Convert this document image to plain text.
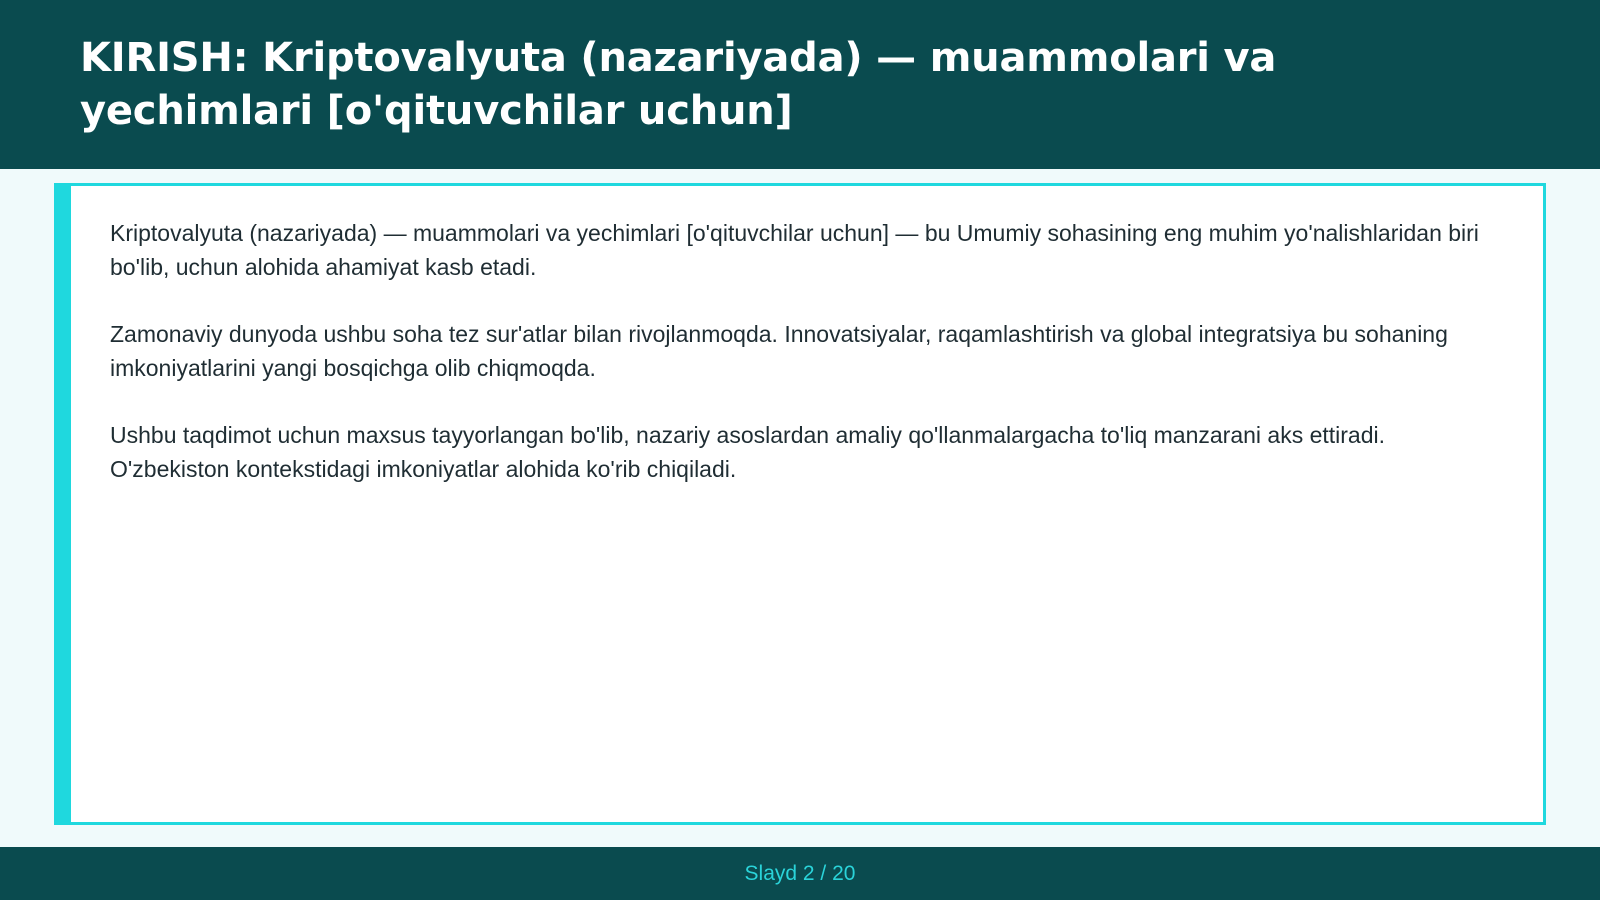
KIRISH: Kriptovalyuta (nazariyada) — muammolari va yechimlari [o'qituvchilar uchun]

Kriptovalyuta (nazariyada) — muammolari va yechimlari [o'qituvchilar uchun] — bu Umumiy sohasining eng muhim yo'nalishlaridan biri bo'lib, uchun alohida ahamiyat kasb etadi.

Zamonaviy dunyoda ushbu soha tez sur'atlar bilan rivojlanmoqda. Innovatsiyalar, raqamlashtirish va global integratsiya bu sohaning imkoniyatlarini yangi bosqichga olib chiqmoqda.

Ushbu taqdimot uchun maxsus tayyorlangan bo'lib, nazariy asoslardan amaliy qo'llanmalargacha to'liq manzarani aks ettiradi. O'zbekiston kontekstidagi imkoniyatlar alohida ko'rib chiqiladi.

Slayd 2 / 20
